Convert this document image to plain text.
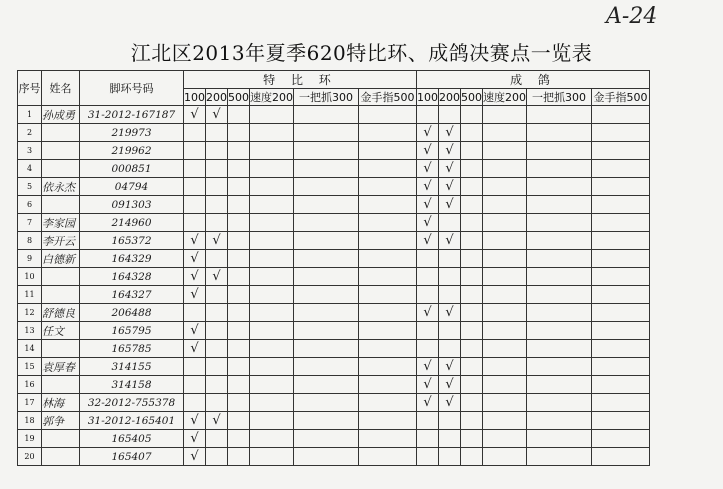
A-24
江北区2013年夏季620特比环、成鸽决赛点一览表
序号	姓名	脚环号码	特 比 环						成 鸽					
			100	200	500	速度200	一把抓300	金手指500	100	200	500	速度200	一把抓300	金手指500
1	孙成勇	31-2012-167187	√	√										
2		219973							√	√				
3		219962							√	√				
4		000851							√	√				
5	依永杰	04794							√	√				
6		091303							√	√				
7	李家园	214960							√					
8	李开云	165372	√	√					√	√				
9	白德新	164329	√											
10		164328	√	√										
11		164327	√											
12	舒德良	206488							√	√				
13	任文	165795	√											
14		165785	√											
15	袁厚春	314155							√	√				
16		314158							√	√				
17	林海	32-2012-755378							√	√				
18	郭争	31-2012-165401	√	√										
19		165405	√											
20		165407	√											
